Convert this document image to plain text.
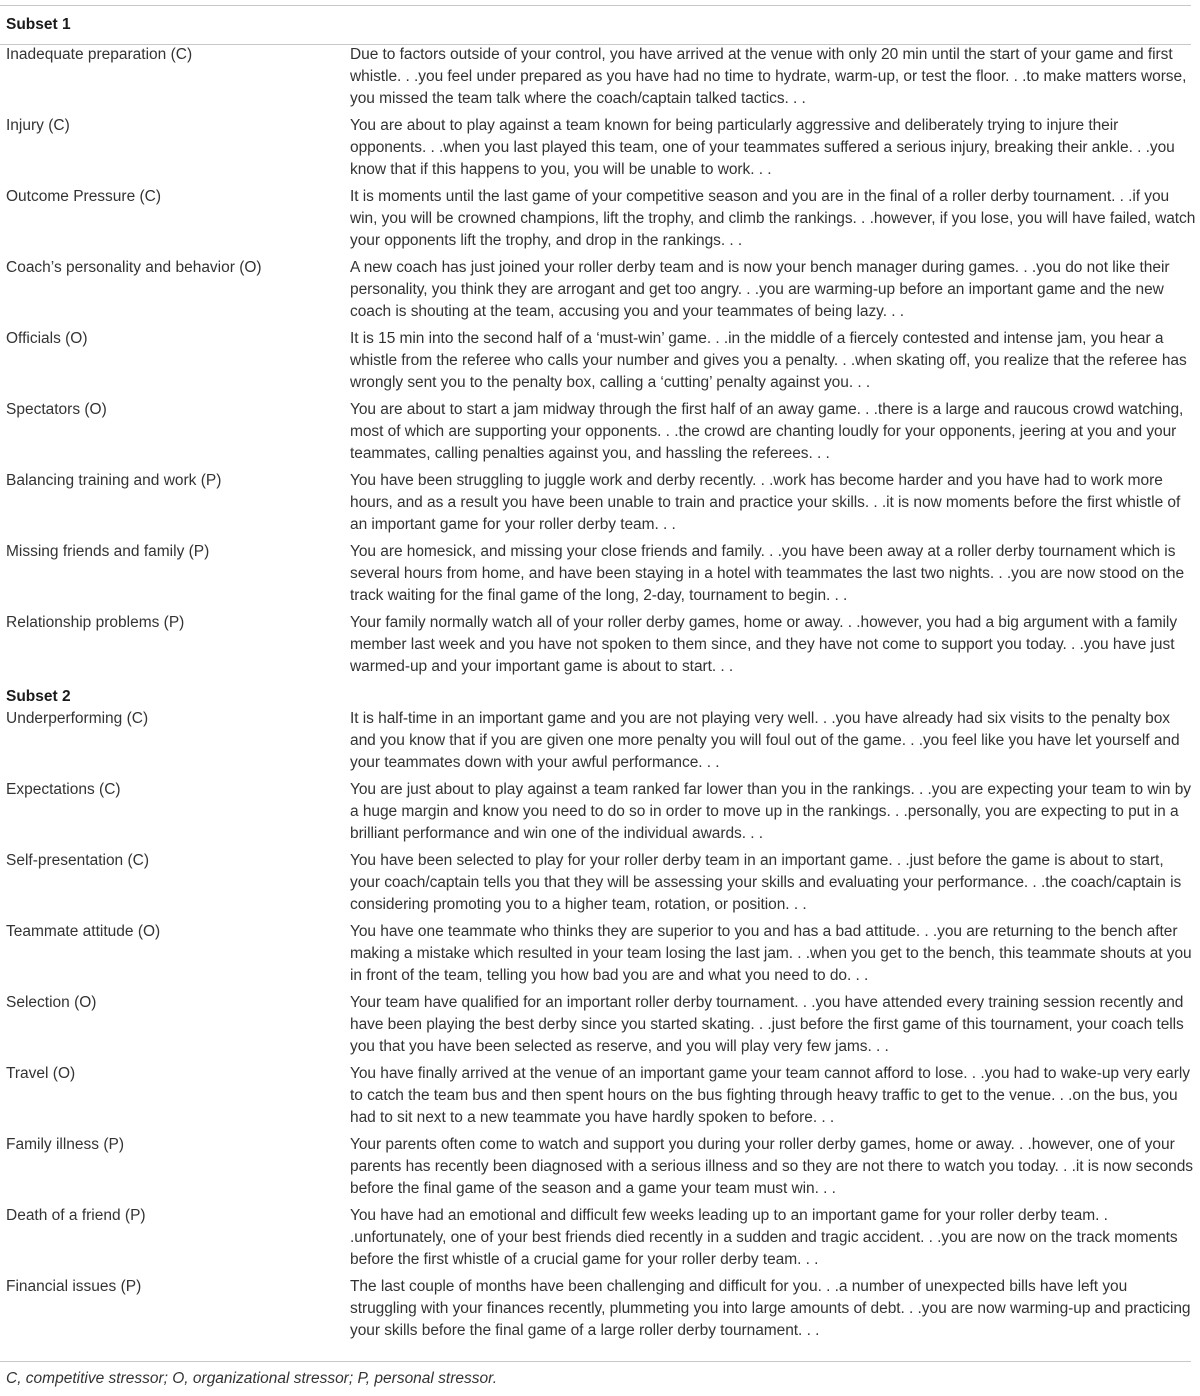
Subset 1
Inadequate preparation (C)	Due to factors outside of your control, you have arrived at the venue with only 20 min until the start of your game and first whistle. . .you feel under prepared as you have had no time to hydrate, warm-up, or test the floor. . .to make matters worse, you missed the team talk where the coach/captain talked tactics. . .
Injury (C)	You are about to play against a team known for being particularly aggressive and deliberately trying to injure their opponents. . .when you last played this team, one of your teammates suffered a serious injury, breaking their ankle. . .you know that if this happens to you, you will be unable to work. . .
Outcome Pressure (C)	It is moments until the last game of your competitive season and you are in the final of a roller derby tournament. . .if you win, you will be crowned champions, lift the trophy, and climb the rankings. . .however, if you lose, you will have failed, watch your opponents lift the trophy, and drop in the rankings. . .
Coach’s personality and behavior (O)	A new coach has just joined your roller derby team and is now your bench manager during games. . .you do not like their personality, you think they are arrogant and get too angry. . .you are warming-up before an important game and the new coach is shouting at the team, accusing you and your teammates of being lazy. . .
Officials (O)	It is 15 min into the second half of a ‘must-win’ game. . .in the middle of a fiercely contested and intense jam, you hear a whistle from the referee who calls your number and gives you a penalty. . .when skating off, you realize that the referee has wrongly sent you to the penalty box, calling a ‘cutting’ penalty against you. . .
Spectators (O)	You are about to start a jam midway through the first half of an away game. . .there is a large and raucous crowd watching, most of which are supporting your opponents. . .the crowd are chanting loudly for your opponents, jeering at you and your teammates, calling penalties against you, and hassling the referees. . .
Balancing training and work (P)	You have been struggling to juggle work and derby recently. . .work has become harder and you have had to work more hours, and as a result you have been unable to train and practice your skills. . .it is now moments before the first whistle of an important game for your roller derby team. . .
Missing friends and family (P)	You are homesick, and missing your close friends and family. . .you have been away at a roller derby tournament which is several hours from home, and have been staying in a hotel with teammates the last two nights. . .you are now stood on the track waiting for the final game of the long, 2-day, tournament to begin. . .
Relationship problems (P)	Your family normally watch all of your roller derby games, home or away. . .however, you had a big argument with a family member last week and you have not spoken to them since, and they have not come to support you today. . .you have just warmed-up and your important game is about to start. . .
Subset 2
Underperforming (C)	It is half-time in an important game and you are not playing very well. . .you have already had six visits to the penalty box and you know that if you are given one more penalty you will foul out of the game. . .you feel like you have let yourself and your teammates down with your awful performance. . .
Expectations (C)	You are just about to play against a team ranked far lower than you in the rankings. . .you are expecting your team to win by a huge margin and know you need to do so in order to move up in the rankings. . .personally, you are expecting to put in a brilliant performance and win one of the individual awards. . .
Self-presentation (C)	You have been selected to play for your roller derby team in an important game. . .just before the game is about to start, your coach/captain tells you that they will be assessing your skills and evaluating your performance. . .the coach/captain is considering promoting you to a higher team, rotation, or position. . .
Teammate attitude (O)	You have one teammate who thinks they are superior to you and has a bad attitude. . .you are returning to the bench after making a mistake which resulted in your team losing the last jam. . .when you get to the bench, this teammate shouts at you in front of the team, telling you how bad you are and what you need to do. . .
Selection (O)	Your team have qualified for an important roller derby tournament. . .you have attended every training session recently and have been playing the best derby since you started skating. . .just before the first game of this tournament, your coach tells you that you have been selected as reserve, and you will play very few jams. . .
Travel (O)	You have finally arrived at the venue of an important game your team cannot afford to lose. . .you had to wake-up very early to catch the team bus and then spent hours on the bus fighting through heavy traffic to get to the venue. . .on the bus, you had to sit next to a new teammate you have hardly spoken to before. . .
Family illness (P)	Your parents often come to watch and support you during your roller derby games, home or away. . .however, one of your parents has recently been diagnosed with a serious illness and so they are not there to watch you today. . .it is now seconds before the final game of the season and a game your team must win. . .
Death of a friend (P)	You have had an emotional and difficult few weeks leading up to an important game for your roller derby team. . .unfortunately, one of your best friends died recently in a sudden and tragic accident. . .you are now on the track moments before the first whistle of a crucial game for your roller derby team. . .
Financial issues (P)	The last couple of months have been challenging and difficult for you. . .a number of unexpected bills have left you struggling with your finances recently, plummeting you into large amounts of debt. . .you are now warming-up and practicing your skills before the final game of a large roller derby tournament. . .
C, competitive stressor; O, organizational stressor; P, personal stressor.
